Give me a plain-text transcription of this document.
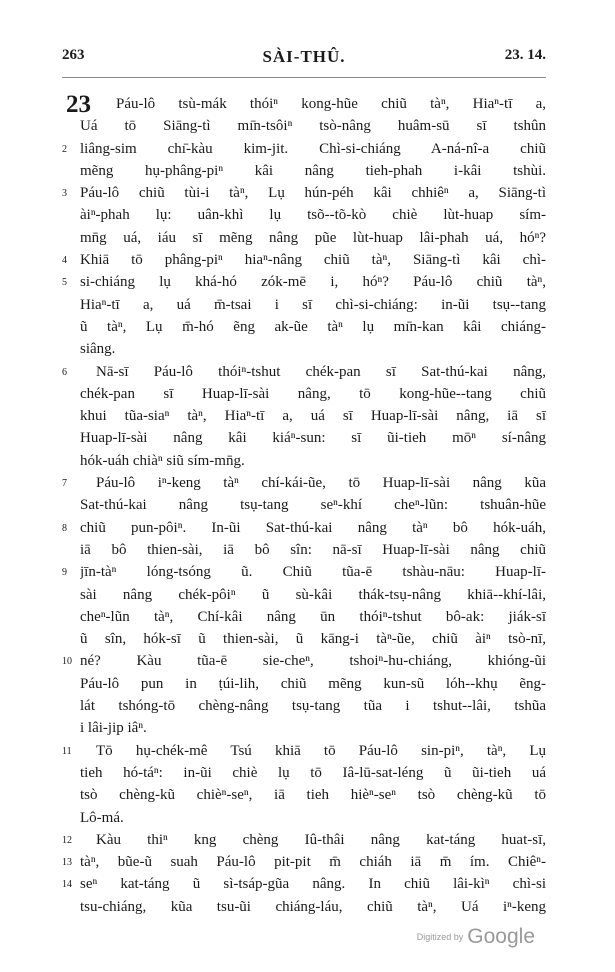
263	SÀI-THÛ.	23. 14.
23 Páu-lô tsù-mák thóiⁿ kong-hũe chiũ tàⁿ, Hiaⁿ-tī a,
Uá tō Siāng-tì mı̄n-tsôiⁿ tsò-nâng huâm-sū sī tshûn
2 liâng-sim chı̄-kàu kim-jit. Chì-si-chiáng A-ná-nî-a chiũ
mẽng hụ-phâng-piⁿ kâi nâng tieh-phah i-kâi tshùi.
3 Páu-lô chiũ tùi-i tàⁿ, Lụ hún-péh kâi chhiêⁿ a, Siāng-tì
àiⁿ-phah lụ: uân-khì lụ tsõ--tõ-kò chiè lùt-huap sím-
mn̄g uá, iáu sī mẽng nâng pũe lùt-huap lâi-phah uá, hóⁿ?
4 Khiā tō phâng-piⁿ hiaⁿ-nâng chiũ tàⁿ, Siāng-tì kâi chì-
5 si-chiáng lụ khá-hó zók-mē i, hóⁿ? Páu-lô chiũ tàⁿ,
Hiaⁿ-tī a, uá m̄-tsai i sī chì-si-chiáng: in-ũi tsụ--tang
ũ tàⁿ, Lụ m̄-hó ẽng ak-ũe tàⁿ lụ mı̄n-kan kâi chiáng-
siâng.
6	Nā-sī Páu-lô thóiⁿ-tshut chék-pan sī Sat-thú-kai nâng,
chék-pan sī Huap-lī-sài nâng, tō kong-hũe--tang chiũ
khui tũa-siaⁿ tàⁿ, Hiaⁿ-tī a, uá sī Huap-lī-sài nâng, iā sī
Huap-lī-sài nâng kâi kiáⁿ-sun: sī ũi-tieh mōⁿ sí-nâng
hók-uáh chiàⁿ siũ sím-mn̄g.
7	Páu-lô iⁿ-keng tàⁿ chí-kái-ũe, tō Huap-lī-sài nâng kũa
Sat-thú-kai nâng tsụ-tang seⁿ-khí cheⁿ-lũn: tshuân-hũe
8 chiũ pun-pôiⁿ. In-ũi Sat-thú-kai nâng tàⁿ bô hók-uáh,
iā bô thien-sài, iā bô sîn: nā-sī Huap-lī-sài nâng chiũ
9 jīn-tàⁿ lóng-tsóng ũ. Chiũ tũa-ē tshàu-nāu: Huap-lī-
sài nâng chék-pôiⁿ ũ sù-kâi thák-tsụ-nâng khiā--khí-lâi,
cheⁿ-lũn tàⁿ, Chí-kâi nâng ūn thóiⁿ-tshut bô-ak: jiák-sī
ũ sîn, hók-sī ũ thien-sài, ũ kāng-i tàⁿ-ũe, chiũ àiⁿ tsò-nī,
10 né? Kàu tũa-ē sie-cheⁿ, tshoiⁿ-hu-chiáng, khióng-ũi
Páu-lô pun in ṭúi-lih, chiũ mẽng kun-sũ lóh--khụ ẽng-
lát tshóng-tō chèng-nâng tsụ-tang tũa i tshut--lâi, tshũa
i lâi-jip iâⁿ.
11 Tō hụ-chék-mê Tsú khiā tō Páu-lô sin-piⁿ, tàⁿ, Lụ
tieh hó-táⁿ: in-ũi chiè lụ tō Iâ-lū-sat-léng ũ ũi-tieh uá
tsò chèng-kũ chièⁿ-seⁿ, iā tieh hièⁿ-seⁿ tsò chèng-kũ tō
Lô-má.
12 Kàu thiⁿ kng chèng Iû-thâi nâng kat-táng huat-sī,
13 tàⁿ, bũe-ũ suah Páu-lô pit-pit m̄ chiáh iā m̄ ím. Chiêⁿ-
14 seⁿ kat-táng ũ sì-tsáp-gũa nâng. In chiũ lâi-kìⁿ chì-si
tsu-chiáng, kũa tsu-ũi chiáng-láu, chiũ tàⁿ, Uá iⁿ-keng
Digitized by Google
